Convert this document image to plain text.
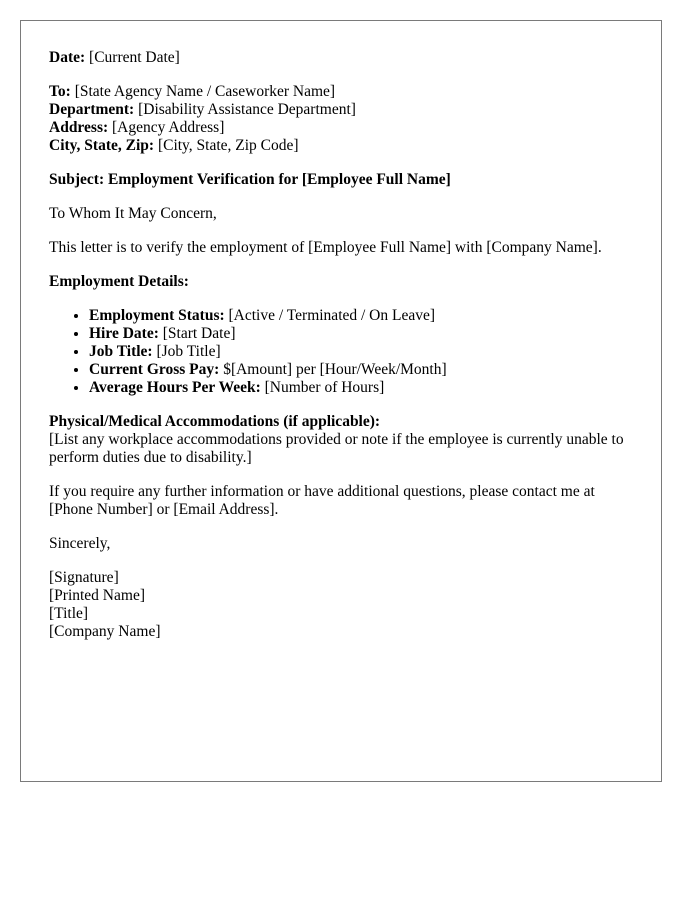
Date: [Current Date]

To: [State Agency Name / Caseworker Name]
Department: [Disability Assistance Department]
Address: [Agency Address]
City, State, Zip: [City, State, Zip Code]

Subject: Employment Verification for [Employee Full Name]

To Whom It May Concern,

This letter is to verify the employment of [Employee Full Name] with [Company Name].

Employment Details:

• Employment Status: [Active / Terminated / On Leave]
• Hire Date: [Start Date]
• Job Title: [Job Title]
• Current Gross Pay: $[Amount] per [Hour/Week/Month]
• Average Hours Per Week: [Number of Hours]

Physical/Medical Accommodations (if applicable):
[List any workplace accommodations provided or note if the employee is currently unable to perform duties due to disability.]

If you require any further information or have additional questions, please contact me at [Phone Number] or [Email Address].

Sincerely,

[Signature]
[Printed Name]
[Title]
[Company Name]
